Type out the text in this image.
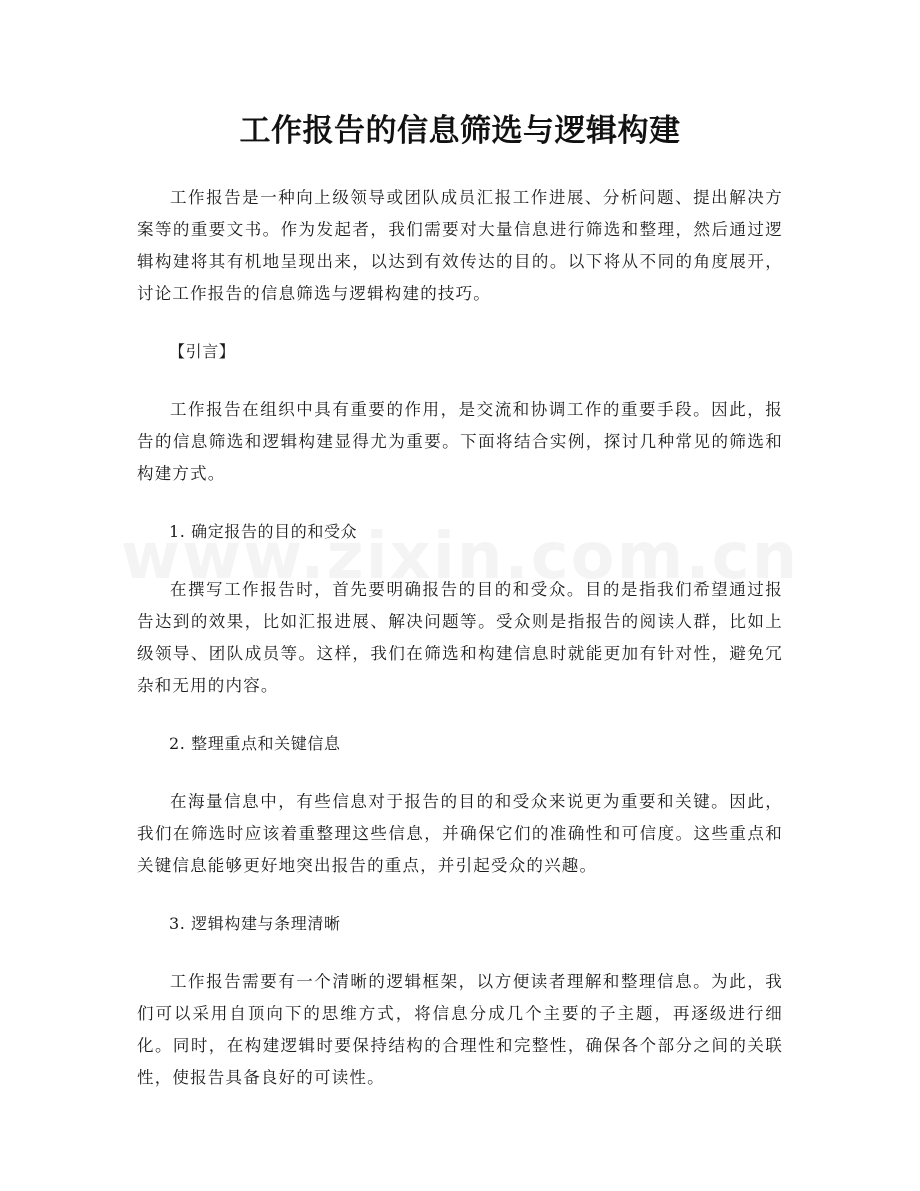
工作报告的信息筛选与逻辑构建

工作报告是一种向上级领导或团队成员汇报工作进展、分析问题、提出解决方案等的重要文书。作为发起者，我们需要对大量信息进行筛选和整理，然后通过逻辑构建将其有机地呈现出来，以达到有效传达的目的。以下将从不同的角度展开，讨论工作报告的信息筛选与逻辑构建的技巧。

【引言】

工作报告在组织中具有重要的作用，是交流和协调工作的重要手段。因此，报告的信息筛选和逻辑构建显得尤为重要。下面将结合实例，探讨几种常见的筛选和构建方式。

1. 确定报告的目的和受众

在撰写工作报告时，首先要明确报告的目的和受众。目的是指我们希望通过报告达到的效果，比如汇报进展、解决问题等。受众则是指报告的阅读人群，比如上级领导、团队成员等。这样，我们在筛选和构建信息时就能更加有针对性，避免冗杂和无用的内容。

2. 整理重点和关键信息

在海量信息中，有些信息对于报告的目的和受众来说更为重要和关键。因此，我们在筛选时应该着重整理这些信息，并确保它们的准确性和可信度。这些重点和关键信息能够更好地突出报告的重点，并引起受众的兴趣。

3. 逻辑构建与条理清晰

工作报告需要有一个清晰的逻辑框架，以方便读者理解和整理信息。为此，我们可以采用自顶向下的思维方式，将信息分成几个主要的子主题，再逐级进行细化。同时，在构建逻辑时要保持结构的合理性和完整性，确保各个部分之间的关联性，使报告具备良好的可读性。
